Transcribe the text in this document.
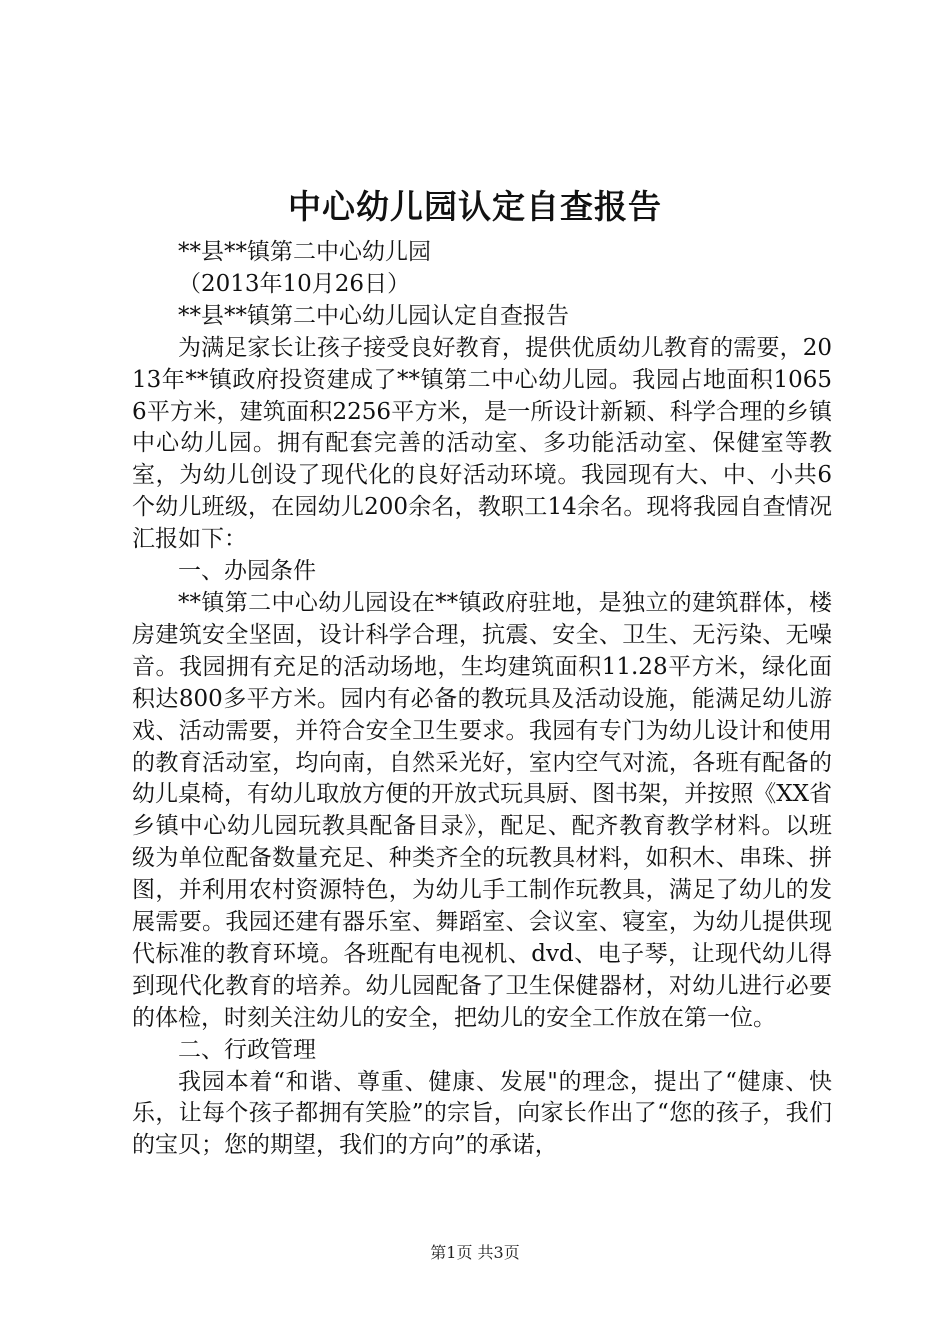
中心幼儿园认定自查报告

**县**镇第二中心幼儿园

（2013年10月26日）

**县**镇第二中心幼儿园认定自查报告

为满足家长让孩子接受良好教育，提供优质幼儿教育的需要，2013年**镇政府投资建成了**镇第二中心幼儿园。我园占地面积10656平方米，建筑面积2256平方米，是一所设计新颖、科学合理的乡镇中心幼儿园。拥有配套完善的活动室、多功能活动室、保健室等教室，为幼儿创设了现代化的良好活动环境。我园现有大、中、小共6个幼儿班级，在园幼儿200余名，教职工14余名。现将我园自查情况汇报如下：

一、办园条件

**镇第二中心幼儿园设在**镇政府驻地，是独立的建筑群体，楼房建筑安全坚固，设计科学合理，抗震、安全、卫生、无污染、无噪音。我园拥有充足的活动场地，生均建筑面积11.28平方米，绿化面积达800多平方米。园内有必备的教玩具及活动设施，能满足幼儿游戏、活动需要，并符合安全卫生要求。我园有专门为幼儿设计和使用的教育活动室，均向南，自然采光好，室内空气对流，各班有配备的幼儿桌椅，有幼儿取放方便的开放式玩具厨、图书架，并按照《XX省乡镇中心幼儿园玩教具配备目录》，配足、配齐教育教学材料。以班级为单位配备数量充足、种类齐全的玩教具材料，如积木、串珠、拼图，并利用农村资源特色，为幼儿手工制作玩教具，满足了幼儿的发展需要。我园还建有器乐室、舞蹈室、会议室、寝室，为幼儿提供现代标准的教育环境。各班配有电视机、dvd、电子琴，让现代幼儿得到现代化教育的培养。幼儿园配备了卫生保健器材，对幼儿进行必要的体检，时刻关注幼儿的安全，把幼儿的安全工作放在第一位。

二、行政管理

我园本着“和谐、尊重、健康、发展"的理念，提出了“健康、快乐，让每个孩子都拥有笑脸”的宗旨，向家长作出了“您的孩子，我们的宝贝；您的期望，我们的方向”的承诺，

第1页 共3页
